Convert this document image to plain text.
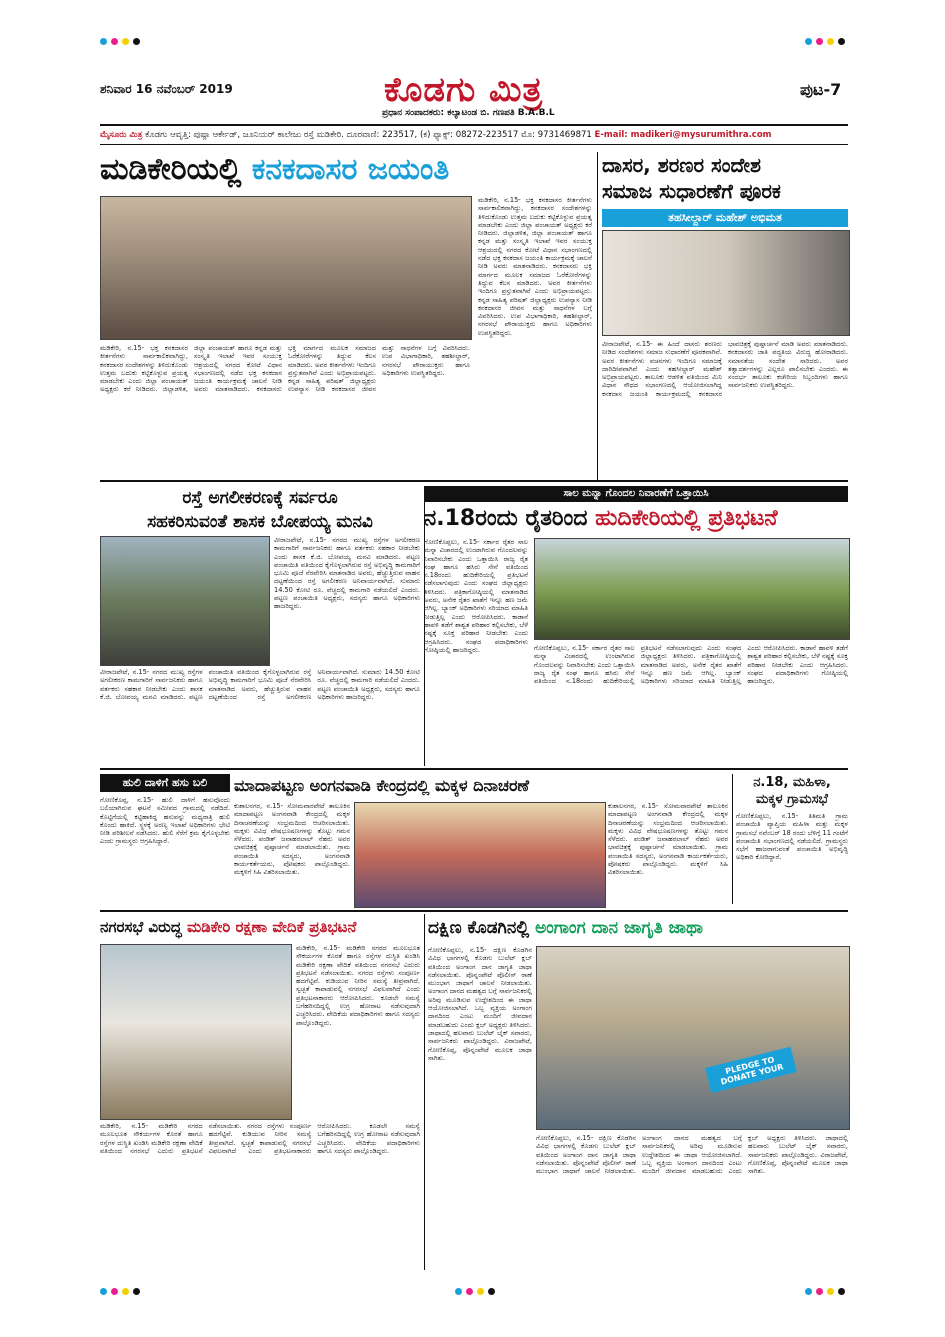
ಶನಿವಾರ 16 ನವೆಂಬರ್ 2019	ಕೊಡಗು ಮಿತ್ರ
ಪ್ರಧಾನ ಸಂಪಾದಕರು: ಕಲ್ಯಾಟಂಡ ಬಿ. ಗಣಪತಿ B.A.B.L
ಪುಟ-7
ಮೈಸೂರು ಮಿತ್ರ ಕೊಡಗು ಆವೃತ್ತಿ: ಪುಷ್ಪಾ ಆರ್ಕೇಡ್, ಜೂನಿಯರ್ ಕಾಲೇಜು ರಸ್ತೆ ಮಡಿಕೇರಿ. ದೂರವಾಣಿ: 223517, (ಕ) ಫ್ಯಾಕ್ಸ್: 08272-223517 ಮೊ: 9731469871 E-mail: madikeri@mysurumithra.com
ಮಡಿಕೇರಿಯಲ್ಲಿ ಕನಕದಾಸರ ಜಯಂತಿ
ಮಡಿಕೇರಿ, ನ.15- ಭಕ್ತ ಕನಕದಾಸರ ಕೀರ್ತನೆಗಳು ಸಾರ್ವಕಾಲಿಕವಾಗಿದ್ದು, ಕನಕದಾಸರ ಸಂದೇಶಗಳನ್ನು ತಿಳಿದುಕೊಂಡು ಉತ್ತಮ ಬದುಕು ಕಟ್ಟಿಕೊಳ್ಳುವ ಪ್ರಯತ್ನ ಮಾಡಬೇಕು ಎಂದು ಜಿಲ್ಲಾ ಪಂಚಾಯತ್ ಅಧ್ಯಕ್ಷರು ಕರೆ ನೀಡಿದರು. ಜಿಲ್ಲಾಡಳಿತ, ಜಿಲ್ಲಾ ಪಂಚಾಯತ್ ಹಾಗೂ ಕನ್ನಡ ಮತ್ತು ಸಂಸ್ಕೃತಿ ಇಲಾಖೆ ಇವರ ಸಂಯುಕ್ತ ಆಶ್ರಯದಲ್ಲಿ ನಗರದ ಕೋಟೆ ವಿಧಾನ ಸಭಾಂಗಣದಲ್ಲಿ ನಡೆದ ಭಕ್ತ ಕನಕದಾಸ ಜಯಂತಿ ಕಾರ್ಯಕ್ರಮಕ್ಕೆ ಚಾಲನೆ ನೀಡಿ ಅವರು ಮಾತನಾಡಿದರು. ಕನಕದಾಸರು ಭಕ್ತಿ ಮಾರ್ಗದ ಮೂಲಕ ಸಮಾಜದ ಓರೆಕೋರೆಗಳನ್ನು ತಿದ್ದುವ ಕೆಲಸ ಮಾಡಿದರು. ಅವರ ಕೀರ್ತನೆಗಳು ಇಂದಿಗೂ ಪ್ರಸ್ತುತವಾಗಿವೆ ಎಂದು ಅಭಿಪ್ರಾಯಪಟ್ಟರು. ಕನ್ನಡ ಸಾಹಿತ್ಯ ಪರಿಷತ್ ಜಿಲ್ಲಾಧ್ಯಕ್ಷರು ಉಪನ್ಯಾಸ ನೀಡಿ ಕನಕದಾಸರ ಜೀವನ ಮತ್ತು ಸಾಧನೆಗಳ ಬಗ್ಗೆ ವಿವರಿಸಿದರು. ಉಪ ವಿಭಾಗಾಧಿಕಾರಿ, ತಹಶೀಲ್ದಾರ್, ನಗರಸಭೆ ಪೌರಾಯುಕ್ತರು ಹಾಗೂ ಅಧಿಕಾರಿಗಳು ಉಪಸ್ಥಿತರಿದ್ದರು.
ಮಡಿಕೇರಿ, ನ.15- ಭಕ್ತ ಕನಕದಾಸರ ಕೀರ್ತನೆಗಳು ಸಾರ್ವಕಾಲಿಕವಾಗಿದ್ದು, ಕನಕದಾಸರ ಸಂದೇಶಗಳನ್ನು ತಿಳಿದುಕೊಂಡು ಉತ್ತಮ ಬದುಕು ಕಟ್ಟಿಕೊಳ್ಳುವ ಪ್ರಯತ್ನ ಮಾಡಬೇಕು ಎಂದು ಜಿಲ್ಲಾ ಪಂಚಾಯತ್ ಅಧ್ಯಕ್ಷರು ಕರೆ ನೀಡಿದರು. ಜಿಲ್ಲಾಡಳಿತ, ಜಿಲ್ಲಾ ಪಂಚಾಯತ್ ಹಾಗೂ ಕನ್ನಡ ಮತ್ತು ಸಂಸ್ಕೃತಿ ಇಲಾಖೆ ಇವರ ಸಂಯುಕ್ತ ಆಶ್ರಯದಲ್ಲಿ ನಗರದ ಕೋಟೆ ವಿಧಾನ ಸಭಾಂಗಣದಲ್ಲಿ ನಡೆದ ಭಕ್ತ ಕನಕದಾಸ ಜಯಂತಿ ಕಾರ್ಯಕ್ರಮಕ್ಕೆ ಚಾಲನೆ ನೀಡಿ ಅವರು ಮಾತನಾಡಿದರು. ಕನಕದಾಸರು ಭಕ್ತಿ ಮಾರ್ಗದ ಮೂಲಕ ಸಮಾಜದ ಓರೆಕೋರೆಗಳನ್ನು ತಿದ್ದುವ ಕೆಲಸ ಮಾಡಿದರು. ಅವರ ಕೀರ್ತನೆಗಳು ಇಂದಿಗೂ ಪ್ರಸ್ತುತವಾಗಿವೆ ಎಂದು ಅಭಿಪ್ರಾಯಪಟ್ಟರು. ಕನ್ನಡ ಸಾಹಿತ್ಯ ಪರಿಷತ್ ಜಿಲ್ಲಾಧ್ಯಕ್ಷರು ಉಪನ್ಯಾಸ ನೀಡಿ ಕನಕದಾಸರ ಜೀವನ ಮತ್ತು ಸಾಧನೆಗಳ ಬಗ್ಗೆ ವಿವರಿಸಿದರು. ಉಪ ವಿಭಾಗಾಧಿಕಾರಿ, ತಹಶೀಲ್ದಾರ್, ನಗರಸಭೆ ಪೌರಾಯುಕ್ತರು ಹಾಗೂ ಅಧಿಕಾರಿಗಳು ಉಪಸ್ಥಿತರಿದ್ದರು.
ದಾಸರ, ಶರಣರ ಸಂದೇಶ
ಸಮಾಜ ಸುಧಾರಣೆಗೆ ಪೂರಕ
ತಹಸೀಲ್ದಾರ್ ಮಹೇಶ್ ಅಭಿಮತ
ವೀರಾಜಪೇಟೆ, ನ.15- ಈ ಹಿಂದೆ ದಾಸರು ಶರಣರು ನೀಡಿದ ಸಂದೇಶಗಳು ಸಮಾಜ ಸುಧಾರಣೆಗೆ ಪೂರಕವಾಗಿವೆ. ಅವರ ಕೀರ್ತನೆಗಳು ವಚನಗಳು ಇಂದಿಗೂ ಸಮಾಜಕ್ಕೆ ದಾರಿದೀಪವಾಗಿವೆ ಎಂದು ತಹಸೀಲ್ದಾರ್ ಮಹೇಶ್ ಅಭಿಪ್ರಾಯಪಟ್ಟರು. ತಾಲೂಕು ಆಡಳಿತ ವತಿಯಿಂದ ಮಿನಿ ವಿಧಾನ ಸೌಧದ ಸಭಾಂಗಣದಲ್ಲಿ ಆಯೋಜಿಸಲಾಗಿದ್ದ ಕನಕದಾಸ ಜಯಂತಿ ಕಾರ್ಯಕ್ರಮದಲ್ಲಿ ಕನಕದಾಸರ ಭಾವಚಿತ್ರಕ್ಕೆ ಪುಷ್ಪಾರ್ಚನೆ ಮಾಡಿ ಅವರು ಮಾತನಾಡಿದರು. ಕನಕದಾಸರು ಜಾತಿ ಪದ್ಧತಿಯ ವಿರುದ್ಧ ಹೋರಾಡಿದರು. ಸಮಾನತೆಯ ಸಂದೇಶ ಸಾರಿದರು. ಅವರ ತತ್ವಾದರ್ಶಗಳನ್ನು ಎಲ್ಲರೂ ಪಾಲಿಸಬೇಕು ಎಂದರು. ಈ ಸಂದರ್ಭ ತಾಲೂಕು ಕಚೇರಿಯ ಸಿಬ್ಬಂದಿಗಳು ಹಾಗೂ ಸಾರ್ವಜನಿಕರು ಉಪಸ್ಥಿತರಿದ್ದರು.
ರಸ್ತೆ ಅಗಲೀಕರಣಕ್ಕೆ ಸರ್ವರೂ
ಸಹಕರಿಸುವಂತೆ ಶಾಸಕ ಬೋಪಯ್ಯ ಮನವಿ
ವೀರಾಜಪೇಟೆ, ನ.15- ನಗರದ ಮುಖ್ಯ ರಸ್ತೆಗಳ ಅಗಲೀಕರಣ ಕಾಮಗಾರಿಗೆ ಸಾರ್ವಜನಿಕರು ಹಾಗೂ ವರ್ತಕರು ಸಹಕಾರ ನೀಡಬೇಕು ಎಂದು ಶಾಸಕ ಕೆ.ಜಿ. ಬೋಪಯ್ಯ ಮನವಿ ಮಾಡಿದರು. ಪಟ್ಟಣ ಪಂಚಾಯಿತಿ ವತಿಯಿಂದ ಕೈಗೊಳ್ಳಲಾಗಿರುವ ರಸ್ತೆ ಅಭಿವೃದ್ಧಿ ಕಾಮಗಾರಿಗೆ ಭೂಮಿ ಪೂಜೆ ನೆರವೇರಿಸಿ ಮಾತನಾಡಿದ ಅವರು, ಹೆಚ್ಚುತ್ತಿರುವ ವಾಹನ ದಟ್ಟಣೆಯಿಂದ ರಸ್ತೆ ಅಗಲೀಕರಣ ಅನಿವಾರ್ಯವಾಗಿದೆ. ಸುಮಾರು 14.50 ಕೋಟಿ ರೂ. ವೆಚ್ಚದಲ್ಲಿ ಕಾಮಗಾರಿ ನಡೆಯಲಿದೆ ಎಂದರು. ಪಟ್ಟಣ ಪಂಚಾಯಿತಿ ಅಧ್ಯಕ್ಷರು, ಸದಸ್ಯರು ಹಾಗೂ ಅಧಿಕಾರಿಗಳು ಹಾಜರಿದ್ದರು.
ವೀರಾಜಪೇಟೆ, ನ.15- ನಗರದ ಮುಖ್ಯ ರಸ್ತೆಗಳ ಅಗಲೀಕರಣ ಕಾಮಗಾರಿಗೆ ಸಾರ್ವಜನಿಕರು ಹಾಗೂ ವರ್ತಕರು ಸಹಕಾರ ನೀಡಬೇಕು ಎಂದು ಶಾಸಕ ಕೆ.ಜಿ. ಬೋಪಯ್ಯ ಮನವಿ ಮಾಡಿದರು. ಪಟ್ಟಣ ಪಂಚಾಯಿತಿ ವತಿಯಿಂದ ಕೈಗೊಳ್ಳಲಾಗಿರುವ ರಸ್ತೆ ಅಭಿವೃದ್ಧಿ ಕಾಮಗಾರಿಗೆ ಭೂಮಿ ಪೂಜೆ ನೆರವೇರಿಸಿ ಮಾತನಾಡಿದ ಅವರು, ಹೆಚ್ಚುತ್ತಿರುವ ವಾಹನ ದಟ್ಟಣೆಯಿಂದ ರಸ್ತೆ ಅಗಲೀಕರಣ ಅನಿವಾರ್ಯವಾಗಿದೆ. ಸುಮಾರು 14.50 ಕೋಟಿ ರೂ. ವೆಚ್ಚದಲ್ಲಿ ಕಾಮಗಾರಿ ನಡೆಯಲಿದೆ ಎಂದರು. ಪಟ್ಟಣ ಪಂಚಾಯಿತಿ ಅಧ್ಯಕ್ಷರು, ಸದಸ್ಯರು ಹಾಗೂ ಅಧಿಕಾರಿಗಳು ಹಾಜರಿದ್ದರು.
ಸಾಲ ಮನ್ನಾ ಗೊಂದಲ ನಿವಾರಣೆಗೆ ಒತ್ತಾಯಿಸಿ
ನ.18ರಂದು ರೈತರಿಂದ ಹುದಿಕೇರಿಯಲ್ಲಿ ಪ್ರತಿಭಟನೆ
ಗೋಣಿಕೊಪ್ಪಲು, ನ.15- ಸರ್ಕಾರ ರೈತರ ಸಾಲ ಮನ್ನಾ ವಿಚಾರದಲ್ಲಿ ಉಂಟಾಗಿರುವ ಗೊಂದಲವನ್ನು ನಿವಾರಿಸಬೇಕು ಎಂದು ಒತ್ತಾಯಿಸಿ ರಾಜ್ಯ ರೈತ ಸಂಘ ಹಾಗೂ ಹಸಿರು ಸೇನೆ ವತಿಯಿಂದ ನ.18ರಂದು ಹುದಿಕೇರಿಯಲ್ಲಿ ಪ್ರತಿಭಟನೆ ನಡೆಸಲಾಗುವುದು ಎಂದು ಸಂಘದ ಜಿಲ್ಲಾಧ್ಯಕ್ಷರು ತಿಳಿಸಿದರು. ಪತ್ರಿಕಾಗೋಷ್ಠಿಯಲ್ಲಿ ಮಾತನಾಡಿದ ಅವರು, ಅನೇಕ ರೈತರ ಖಾತೆಗೆ ಇನ್ನೂ ಹಣ ಜಮೆ ಆಗಿಲ್ಲ. ಬ್ಯಾಂಕ್ ಅಧಿಕಾರಿಗಳು ಸರಿಯಾದ ಮಾಹಿತಿ ನೀಡುತ್ತಿಲ್ಲ ಎಂದು ಆರೋಪಿಸಿದರು. ಕಾಡಾನೆ ಹಾವಳಿ ತಡೆಗೆ ಶಾಶ್ವತ ಪರಿಹಾರ ಕಲ್ಪಿಸಬೇಕು, ಬೆಳೆ ನಷ್ಟಕ್ಕೆ ಸೂಕ್ತ ಪರಿಹಾರ ನೀಡಬೇಕು ಎಂದು ಆಗ್ರಹಿಸಿದರು. ಸಂಘದ ಪದಾಧಿಕಾರಿಗಳು ಗೋಷ್ಠಿಯಲ್ಲಿ ಹಾಜರಿದ್ದರು.	ಗೋಣಿಕೊಪ್ಪಲು, ನ.15- ಸರ್ಕಾರ ರೈತರ ಸಾಲ ಮನ್ನಾ ವಿಚಾರದಲ್ಲಿ ಉಂಟಾಗಿರುವ ಗೊಂದಲವನ್ನು ನಿವಾರಿಸಬೇಕು ಎಂದು ಒತ್ತಾಯಿಸಿ ರಾಜ್ಯ ರೈತ ಸಂಘ ಹಾಗೂ ಹಸಿರು ಸೇನೆ ವತಿಯಿಂದ ನ.18ರಂದು ಹುದಿಕೇರಿಯಲ್ಲಿ ಪ್ರತಿಭಟನೆ ನಡೆಸಲಾಗುವುದು ಎಂದು ಸಂಘದ ಜಿಲ್ಲಾಧ್ಯಕ್ಷರು ತಿಳಿಸಿದರು. ಪತ್ರಿಕಾಗೋಷ್ಠಿಯಲ್ಲಿ ಮಾತನಾಡಿದ ಅವರು, ಅನೇಕ ರೈತರ ಖಾತೆಗೆ ಇನ್ನೂ ಹಣ ಜಮೆ ಆಗಿಲ್ಲ. ಬ್ಯಾಂಕ್ ಅಧಿಕಾರಿಗಳು ಸರಿಯಾದ ಮಾಹಿತಿ ನೀಡುತ್ತಿಲ್ಲ ಎಂದು ಆರೋಪಿಸಿದರು. ಕಾಡಾನೆ ಹಾವಳಿ ತಡೆಗೆ ಶಾಶ್ವತ ಪರಿಹಾರ ಕಲ್ಪಿಸಬೇಕು, ಬೆಳೆ ನಷ್ಟಕ್ಕೆ ಸೂಕ್ತ ಪರಿಹಾರ ನೀಡಬೇಕು ಎಂದು ಆಗ್ರಹಿಸಿದರು. ಸಂಘದ ಪದಾಧಿಕಾರಿಗಳು ಗೋಷ್ಠಿಯಲ್ಲಿ ಹಾಜರಿದ್ದರು.
ಹುಲಿ ದಾಳಿಗೆ ಹಸು ಬಲಿ
ಗೋಣಿಕೊಪ್ಪ, ನ.15- ಹುಲಿ ದಾಳಿಗೆ ಹಸುವೊಂದು ಬಲಿಯಾಗಿರುವ ಘಟನೆ ಸಮೀಪದ ಗ್ರಾಮದಲ್ಲಿ ನಡೆದಿದೆ. ಕೊಟ್ಟಿಗೆಯಲ್ಲಿ ಕಟ್ಟಿಹಾಕಿದ್ದ ಹಸುವನ್ನು ಮಧ್ಯರಾತ್ರಿ ಹುಲಿ ಕೊಂದು ಹಾಕಿದೆ. ಸ್ಥಳಕ್ಕೆ ಅರಣ್ಯ ಇಲಾಖೆ ಅಧಿಕಾರಿಗಳು ಭೇಟಿ ನೀಡಿ ಪರಿಶೀಲನೆ ನಡೆಸಿದರು. ಹುಲಿ ಸೆರೆಗೆ ಕ್ರಮ ಕೈಗೊಳ್ಳಬೇಕು ಎಂದು ಗ್ರಾಮಸ್ಥರು ಆಗ್ರಹಿಸಿದ್ದಾರೆ.
ಮಾದಾಪಟ್ಟಣ ಅಂಗನವಾಡಿ ಕೇಂದ್ರದಲ್ಲಿ ಮಕ್ಕಳ ದಿನಾಚರಣೆ
ಕುಶಾಲನಗರ, ನ.15- ಸೋಮವಾರಪೇಟೆ ತಾಲೂಕಿನ ಮಾದಾಪಟ್ಟಣ ಅಂಗನವಾಡಿ ಕೇಂದ್ರದಲ್ಲಿ ಮಕ್ಕಳ ದಿನಾಚರಣೆಯನ್ನು ಸಂಭ್ರಮದಿಂದ ಆಚರಿಸಲಾಯಿತು. ಮಕ್ಕಳು ವಿವಿಧ ವೇಷಭೂಷಣಗಳನ್ನು ತೊಟ್ಟು ಗಮನ ಸೆಳೆದರು. ಪಂಡಿತ್ ಜವಾಹರಲಾಲ್ ನೆಹರು ಅವರ ಭಾವಚಿತ್ರಕ್ಕೆ ಪುಷ್ಪಾರ್ಚನೆ ಮಾಡಲಾಯಿತು. ಗ್ರಾಮ ಪಂಚಾಯಿತಿ ಸದಸ್ಯರು, ಅಂಗನವಾಡಿ ಕಾರ್ಯಕರ್ತೆಯರು, ಪೋಷಕರು ಪಾಲ್ಗೊಂಡಿದ್ದರು. ಮಕ್ಕಳಿಗೆ ಸಿಹಿ ವಿತರಿಸಲಾಯಿತು.
ಕುಶಾಲನಗರ, ನ.15- ಸೋಮವಾರಪೇಟೆ ತಾಲೂಕಿನ ಮಾದಾಪಟ್ಟಣ ಅಂಗನವಾಡಿ ಕೇಂದ್ರದಲ್ಲಿ ಮಕ್ಕಳ ದಿನಾಚರಣೆಯನ್ನು ಸಂಭ್ರಮದಿಂದ ಆಚರಿಸಲಾಯಿತು. ಮಕ್ಕಳು ವಿವಿಧ ವೇಷಭೂಷಣಗಳನ್ನು ತೊಟ್ಟು ಗಮನ ಸೆಳೆದರು. ಪಂಡಿತ್ ಜವಾಹರಲಾಲ್ ನೆಹರು ಅವರ ಭಾವಚಿತ್ರಕ್ಕೆ ಪುಷ್ಪಾರ್ಚನೆ ಮಾಡಲಾಯಿತು. ಗ್ರಾಮ ಪಂಚಾಯಿತಿ ಸದಸ್ಯರು, ಅಂಗನವಾಡಿ ಕಾರ್ಯಕರ್ತೆಯರು, ಪೋಷಕರು ಪಾಲ್ಗೊಂಡಿದ್ದರು. ಮಕ್ಕಳಿಗೆ ಸಿಹಿ ವಿತರಿಸಲಾಯಿತು.
ನ.18, ಮಹಿಳಾ,
ಮಕ್ಕಳ ಗ್ರಾಮಸಭೆ
ಗೋಣಿಕೊಪ್ಪಲು, ನ.15- ತಿತಿಮತಿ ಗ್ರಾಮ ಪಂಚಾಯಿತಿ ವ್ಯಾಪ್ತಿಯ ಮಹಿಳಾ ಮತ್ತು ಮಕ್ಕಳ ಗ್ರಾಮಸಭೆ ನವೆಂಬರ್ 18 ರಂದು ಬೆಳಿಗ್ಗೆ 11 ಗಂಟೆಗೆ ಪಂಚಾಯಿತಿ ಸಭಾಂಗಣದಲ್ಲಿ ನಡೆಯಲಿದೆ. ಗ್ರಾಮಸ್ಥರು ಸಭೆಗೆ ಹಾಜರಾಗುವಂತೆ ಪಂಚಾಯಿತಿ ಅಭಿವೃದ್ಧಿ ಅಧಿಕಾರಿ ಕೋರಿದ್ದಾರೆ.
ನಗರಸಭೆ ವಿರುದ್ಧ ಮಡಿಕೇರಿ ರಕ್ಷಣಾ ವೇದಿಕೆ ಪ್ರತಿಭಟನೆ
ಮಡಿಕೇರಿ, ನ.15- ಮಡಿಕೇರಿ ನಗರದ ಮೂಲಭೂತ ಸೌಕರ್ಯಗಳ ಕೊರತೆ ಹಾಗೂ ರಸ್ತೆಗಳ ದುಸ್ಥಿತಿ ಖಂಡಿಸಿ ಮಡಿಕೇರಿ ರಕ್ಷಣಾ ವೇದಿಕೆ ವತಿಯಿಂದ ನಗರಸಭೆ ಎದುರು ಪ್ರತಿಭಟನೆ ನಡೆಸಲಾಯಿತು. ನಗರದ ರಸ್ತೆಗಳು ಸಂಪೂರ್ಣ ಹದಗೆಟ್ಟಿವೆ. ಕುಡಿಯುವ ನೀರಿನ ಸಮಸ್ಯೆ ತೀವ್ರವಾಗಿದೆ. ಸ್ವಚ್ಛತೆ ಕಾಪಾಡುವಲ್ಲಿ ನಗರಸಭೆ ವಿಫಲವಾಗಿದೆ ಎಂದು ಪ್ರತಿಭಟನಾಕಾರರು ಆರೋಪಿಸಿದರು. ಕೂಡಲೇ ಸಮಸ್ಯೆ ಬಗೆಹರಿಸದಿದ್ದಲ್ಲಿ ಉಗ್ರ ಹೋರಾಟ ನಡೆಸುವುದಾಗಿ ಎಚ್ಚರಿಸಿದರು. ವೇದಿಕೆಯ ಪದಾಧಿಕಾರಿಗಳು ಹಾಗೂ ಸದಸ್ಯರು ಪಾಲ್ಗೊಂಡಿದ್ದರು.
ಮಡಿಕೇರಿ, ನ.15- ಮಡಿಕೇರಿ ನಗರದ ಮೂಲಭೂತ ಸೌಕರ್ಯಗಳ ಕೊರತೆ ಹಾಗೂ ರಸ್ತೆಗಳ ದುಸ್ಥಿತಿ ಖಂಡಿಸಿ ಮಡಿಕೇರಿ ರಕ್ಷಣಾ ವೇದಿಕೆ ವತಿಯಿಂದ ನಗರಸಭೆ ಎದುರು ಪ್ರತಿಭಟನೆ ನಡೆಸಲಾಯಿತು. ನಗರದ ರಸ್ತೆಗಳು ಸಂಪೂರ್ಣ ಹದಗೆಟ್ಟಿವೆ. ಕುಡಿಯುವ ನೀರಿನ ಸಮಸ್ಯೆ ತೀವ್ರವಾಗಿದೆ. ಸ್ವಚ್ಛತೆ ಕಾಪಾಡುವಲ್ಲಿ ನಗರಸಭೆ ವಿಫಲವಾಗಿದೆ ಎಂದು ಪ್ರತಿಭಟನಾಕಾರರು ಆರೋಪಿಸಿದರು. ಕೂಡಲೇ ಸಮಸ್ಯೆ ಬಗೆಹರಿಸದಿದ್ದಲ್ಲಿ ಉಗ್ರ ಹೋರಾಟ ನಡೆಸುವುದಾಗಿ ಎಚ್ಚರಿಸಿದರು. ವೇದಿಕೆಯ ಪದಾಧಿಕಾರಿಗಳು ಹಾಗೂ ಸದಸ್ಯರು ಪಾಲ್ಗೊಂಡಿದ್ದರು.
ದಕ್ಷಿಣ ಕೊಡಗಿನಲ್ಲಿ ಅಂಗಾಂಗ ದಾನ ಜಾಗೃತಿ ಜಾಥಾ
ಗೋಣಿಕೊಪ್ಪಲು, ನ.15- ದಕ್ಷಿಣ ಕೊಡಗಿನ ವಿವಿಧ ಭಾಗಗಳಲ್ಲಿ ಕೊಡಗು ಬುಲೆಟ್ ಕ್ಲಬ್ ವತಿಯಿಂದ ಅಂಗಾಂಗ ದಾನ ಜಾಗೃತಿ ಜಾಥಾ ನಡೆಸಲಾಯಿತು. ಪೊನ್ನಂಪೇಟೆ ಪೊಲೀಸ್ ಠಾಣೆ ಮುಂಭಾಗ ಜಾಥಾಗೆ ಚಾಲನೆ ನೀಡಲಾಯಿತು. ಅಂಗಾಂಗ ದಾನದ ಮಹತ್ವದ ಬಗ್ಗೆ ಸಾರ್ವಜನಿಕರಲ್ಲಿ ಅರಿವು ಮೂಡಿಸುವ ಉದ್ದೇಶದಿಂದ ಈ ಜಾಥಾ ಆಯೋಜಿಸಲಾಗಿದೆ. ಒಬ್ಬ ವ್ಯಕ್ತಿಯ ಅಂಗಾಂಗ ದಾನದಿಂದ ಎಂಟು ಮಂದಿಗೆ ಜೀವದಾನ ಮಾಡಬಹುದು ಎಂದು ಕ್ಲಬ್ ಅಧ್ಯಕ್ಷರು ತಿಳಿಸಿದರು. ಜಾಥಾದಲ್ಲಿ ಹಲವಾರು ಬುಲೆಟ್ ಬೈಕ್ ಸವಾರರು, ಸಾರ್ವಜನಿಕರು ಪಾಲ್ಗೊಂಡಿದ್ದರು. ವಿರಾಜಪೇಟೆ, ಗೋಣಿಕೊಪ್ಪ, ಪೊನ್ನಂಪೇಟೆ ಮೂಲಕ ಜಾಥಾ ಸಾಗಿತು.	PLEDGE TO DONATE YOUR
ಗೋಣಿಕೊಪ್ಪಲು, ನ.15- ದಕ್ಷಿಣ ಕೊಡಗಿನ ವಿವಿಧ ಭಾಗಗಳಲ್ಲಿ ಕೊಡಗು ಬುಲೆಟ್ ಕ್ಲಬ್ ವತಿಯಿಂದ ಅಂಗಾಂಗ ದಾನ ಜಾಗೃತಿ ಜಾಥಾ ನಡೆಸಲಾಯಿತು. ಪೊನ್ನಂಪೇಟೆ ಪೊಲೀಸ್ ಠಾಣೆ ಮುಂಭಾಗ ಜಾಥಾಗೆ ಚಾಲನೆ ನೀಡಲಾಯಿತು. ಅಂಗಾಂಗ ದಾನದ ಮಹತ್ವದ ಬಗ್ಗೆ ಸಾರ್ವಜನಿಕರಲ್ಲಿ ಅರಿವು ಮೂಡಿಸುವ ಉದ್ದೇಶದಿಂದ ಈ ಜಾಥಾ ಆಯೋಜಿಸಲಾಗಿದೆ. ಒಬ್ಬ ವ್ಯಕ್ತಿಯ ಅಂಗಾಂಗ ದಾನದಿಂದ ಎಂಟು ಮಂದಿಗೆ ಜೀವದಾನ ಮಾಡಬಹುದು ಎಂದು ಕ್ಲಬ್ ಅಧ್ಯಕ್ಷರು ತಿಳಿಸಿದರು. ಜಾಥಾದಲ್ಲಿ ಹಲವಾರು ಬುಲೆಟ್ ಬೈಕ್ ಸವಾರರು, ಸಾರ್ವಜನಿಕರು ಪಾಲ್ಗೊಂಡಿದ್ದರು. ವಿರಾಜಪೇಟೆ, ಗೋಣಿಕೊಪ್ಪ, ಪೊನ್ನಂಪೇಟೆ ಮೂಲಕ ಜಾಥಾ ಸಾಗಿತು.
